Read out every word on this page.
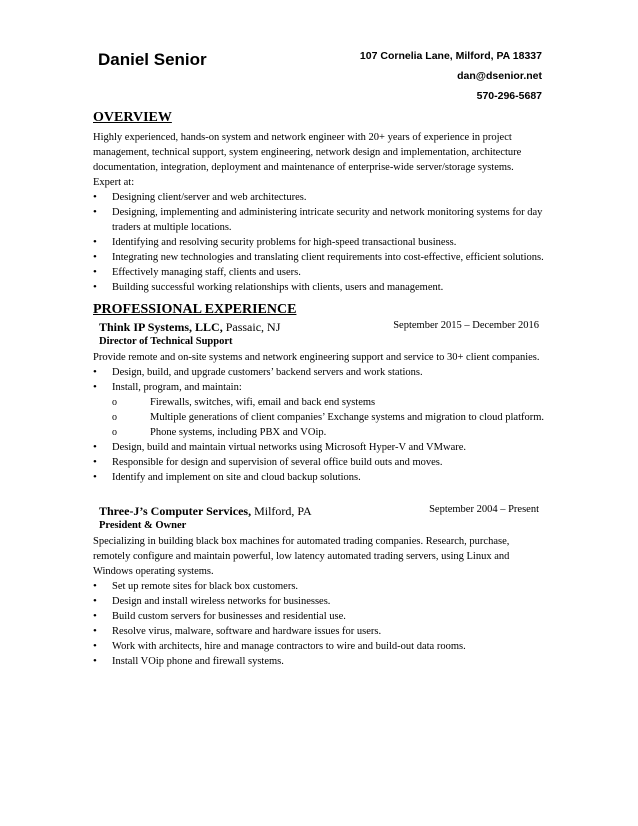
Daniel Senior	107 Cornelia Lane, Milford, PA 18337
dan@dsenior.net
570-296-5687
OVERVIEW

Highly experienced, hands-on system and network engineer with 20+ years of experience in project management, technical support, system engineering, network design and implementation, architecture documentation, integration, deployment and maintenance of enterprise-wide server/storage systems.

Expert at:

• Designing client/server and web architectures.
• Designing, implementing and administering intricate security and network monitoring systems for day traders at multiple locations.
• Identifying and resolving security problems for high-speed transactional business.
• Integrating new technologies and translating client requirements into cost-effective, efficient solutions.
• Effectively managing staff, clients and users.
• Building successful working relationships with clients, users and management.
PROFESSIONAL EXPERIENCE
Think IP Systems, LLC, Passaic, NJ	September 2015 – December 2016
Director of Technical Support

Provide remote and on-site systems and network engineering support and service to 30+ client companies.

• Design, build, and upgrade customers’ backend servers and work stations.
• Install, program, and maintain:
o Firewalls, switches, wifi, email and back end systems
o Multiple generations of client companies’ Exchange systems and migration to cloud platform.
o Phone systems, including PBX and VOip.
• Design, build and maintain virtual networks using Microsoft Hyper-V and VMware.
• Responsible for design and supervision of several office build outs and moves.
• Identify and implement on site and cloud backup solutions.
Three-J’s Computer Services, Milford, PA	September 2004 – Present
President & Owner

Specializing in building black box machines for automated trading companies. Research, purchase, remotely configure and maintain powerful, low latency automated trading servers, using Linux and Windows operating systems.

• Set up remote sites for black box customers.
• Design and install wireless networks for businesses.
• Build custom servers for businesses and residential use.
• Resolve virus, malware, software and hardware issues for users.
• Work with architects, hire and manage contractors to wire and build-out data rooms.
• Install VOip phone and firewall systems.
